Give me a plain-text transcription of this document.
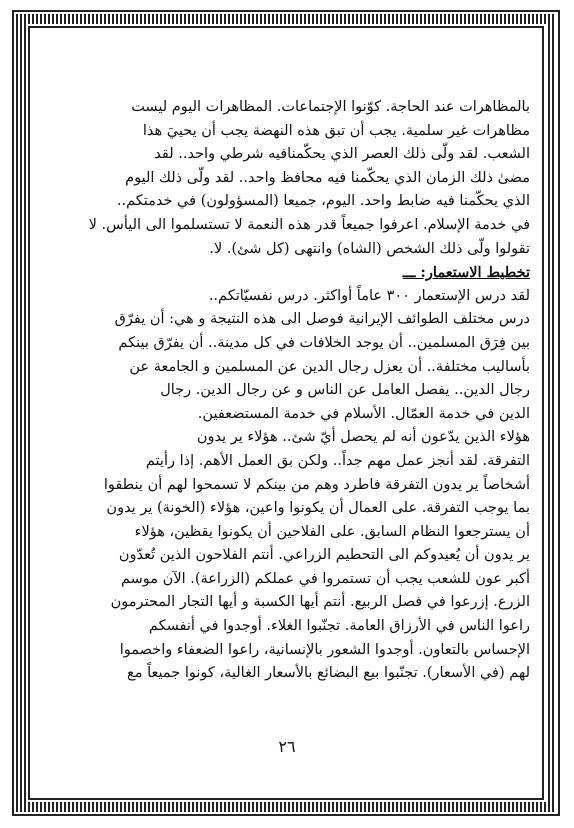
بالمظاهرات عند الحاجة. كوّنوا الإجتماعات. المظاهرات اليوم ليست
مظاهرات غير سلمية. يجب أن تبق هذه النهضة يجب أن يحييَ هذا
الشعب. لقد ولّى ذلك العصر الذي يحكّمنافيه شرطي واحد.. لقد
مضىٰ ذلك الزمان الذي يحكّمنا فيه محافظ واحد.. لقد ولّى ذلك اليوم
الذي يحكّمنا فيه ضابط واحد. اليوم، جميعا (المسؤولون) في خدمتكم..
في خدمة الإسلام. اعرفوا جميعاً قدر هذه النعمة لا تستسلموا الى اليأس. لا
تقولوا ولّى ذلك الشخص (الشاه) وانتهى (كل شئ). لا.

تخطيط الاستعمار: ـــ

لقد درس الإستعمار ٣٠٠ عاماً أواكثر. درس نفسيّاتكم..
درس مختلف الطوائف الإيرانية فوصل الى هذه النتيجة و هي: أن يفرّق
بين فِرَق المسلمين.. أن يوجد الخلافات في كل مدينة.. أن يفرّق بينكم
بأساليب مختلفة.. أن يعزل رجال الدين عن المسلمين و الجامعة عن
رجال الدين.. يفصل العامل عن الناس و عن رجال الدين. رجال
الدين في خدمة العمّال. الأسلام في خدمة المستضعفين.

هؤلاء الذين يدّعون أنه لم يحصل أيّ شئ.. هؤلاء ير يدون
التفرقة. لقد أنجز عمل مهم جداً.. ولكن بق العمل الأهم. إذا رأيتم
أشخاصاً ير يدون التفرقة فاطرد وهم من بينكم لا تسمحوا لهم أن ينطقوا
بما يوجب التفرقة. على العمال أن يكونوا واعين، هؤلاء (الخونة) ير يدون
أن يسترجعوا النظام السابق. على الفلاحين أن يكونوا يقظين، هؤلاء
ير يدون أن يُعيدوكم الى التحطيم الزراعي. أنتم الفلاحون الذين تُعدّون
أكبر عون للشعب يجب أن تستمروا في عملكم (الزراعة). الآن موسم
الزرع. إزرعوا في فصل الربيع. أنتم أيها الكسبة و أيها التجار المحترمون
راعوا الناس في الأرزاق العامة. تجنّبوا الغلاء. أوجدوا في أنفسكم
الإحساس بالتعاون. أوجدوا الشعور بالإنسانية، راعوا الضعفاء واخصموا
لهم (في الأسعار). تجنّبوا بيع البضائع بالأسعار الغالية، كونوا جميعاً مع

٢٦
